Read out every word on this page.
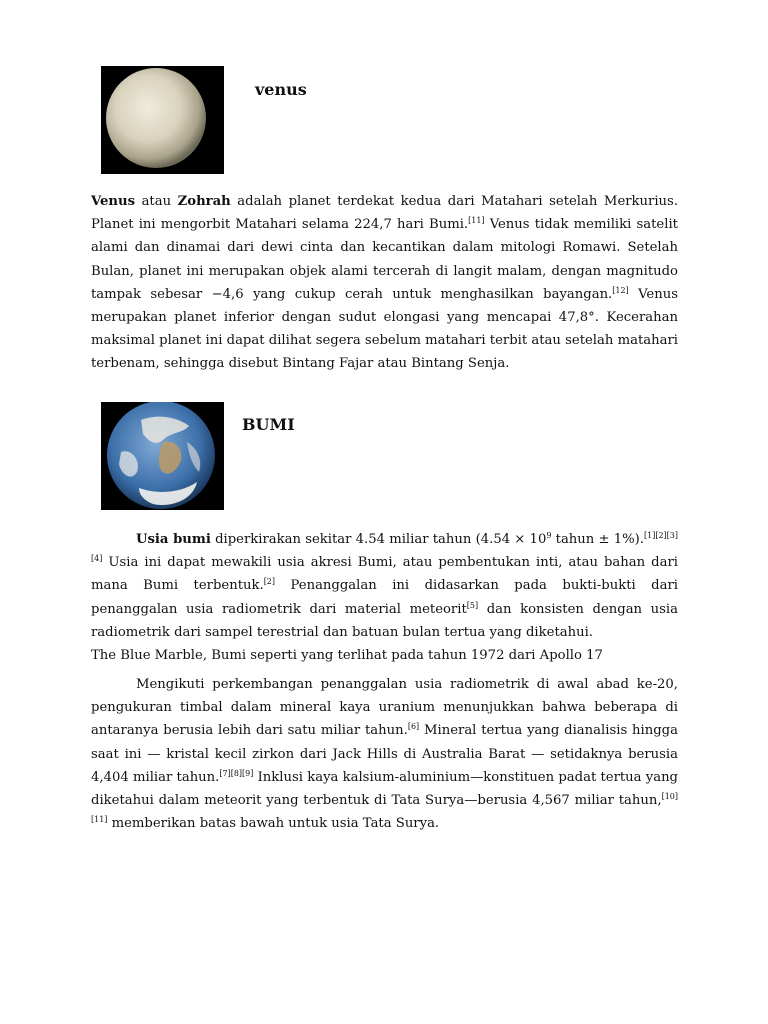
venus

Venus atau Zohrah adalah planet terdekat kedua dari Matahari setelah Merkurius. Planet ini mengorbit Matahari selama 224,7 hari Bumi.[11] Venus tidak memiliki satelit alami dan dinamai dari dewi cinta dan kecantikan dalam mitologi Romawi. Setelah Bulan, planet ini merupakan objek alami tercerah di langit malam, dengan magnitudo tampak sebesar −4,6 yang cukup cerah untuk menghasilkan bayangan.[12] Venus merupakan planet inferior dengan sudut elongasi yang mencapai 47,8°. Kecerahan maksimal planet ini dapat dilihat segera sebelum matahari terbit atau setelah matahari terbenam, sehingga disebut Bintang Fajar atau Bintang Senja.

BUMI

Usia bumi diperkirakan sekitar 4.54 miliar tahun ($4.54 \times 10^9$ tahun ± 1%).[1][2][3][4] Usia ini dapat mewakili usia akresi Bumi, atau pembentukan inti, atau bahan dari mana Bumi terbentuk.[2] Penanggalan ini didasarkan pada bukti-bukti dari penanggalan usia radiometrik dari material meteorit[5] dan konsisten dengan usia radiometrik dari sampel terestrial dan batuan bulan tertua yang diketahui.

The Blue Marble, Bumi seperti yang terlihat pada tahun 1972 dari Apollo 17

Mengikuti perkembangan penanggalan usia radiometrik di awal abad ke-20, pengukuran timbal dalam mineral kaya uranium menunjukkan bahwa beberapa di antaranya berusia lebih dari satu miliar tahun.[6] Mineral tertua yang dianalisis hingga saat ini — kristal kecil zirkon dari Jack Hills di Australia Barat — setidaknya berusia 4,404 miliar tahun.[7][8][9] Inklusi kaya kalsium-aluminium—konstituen padat tertua yang diketahui dalam meteorit yang terbentuk di Tata Surya—berusia 4,567 miliar tahun,[10][11] memberikan batas bawah untuk usia Tata Surya.
